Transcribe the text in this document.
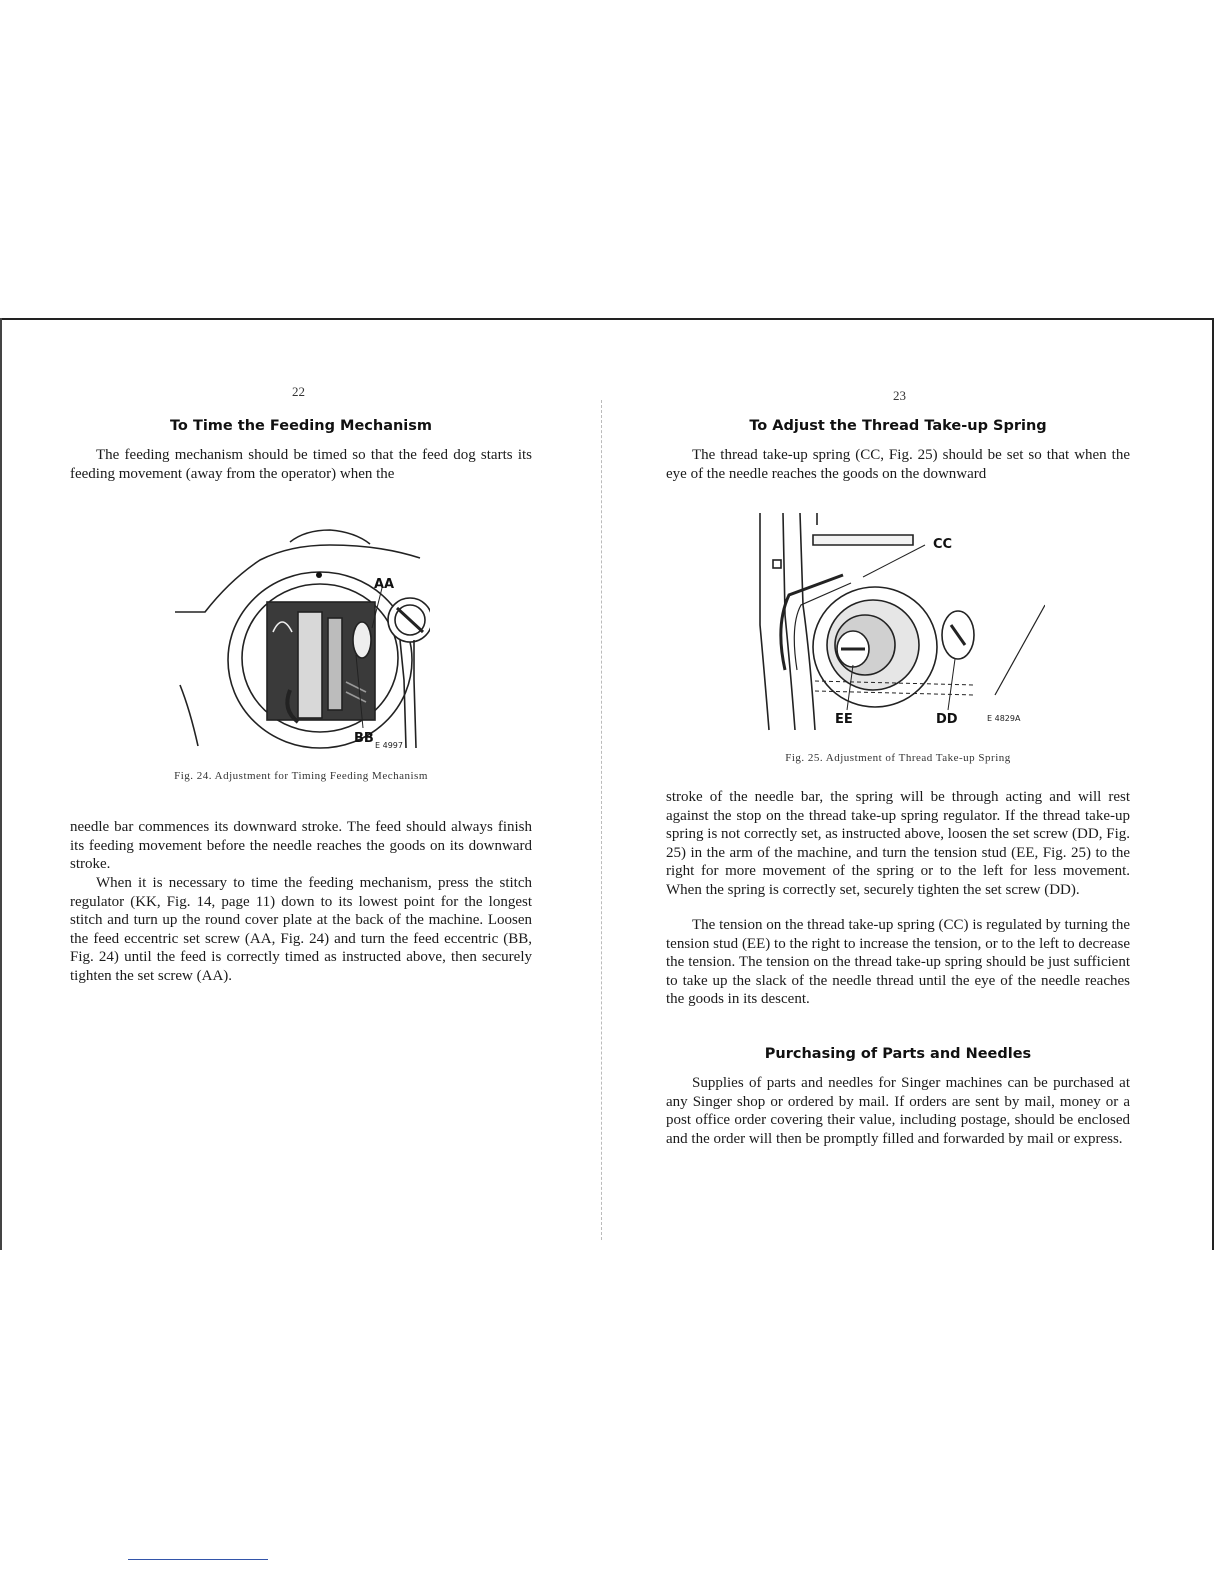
22
To Time the Feeding Mechanism
The feeding mechanism should be timed so that the feed dog starts its feeding movement (away from the operator) when the
AA
BB E 4997
Fig. 24. Adjustment for Timing Feeding Mechanism
needle bar commences its downward stroke. The feed should always finish its feeding movement before the needle reaches the goods on its downward stroke.
When it is necessary to time the feeding mechanism, press the stitch regulator (KK, Fig. 14, page 11) down to its lowest point for the longest stitch and turn up the round cover plate at the back of the machine. Loosen the feed eccentric set screw (AA, Fig. 24) and turn the feed eccentric (BB, Fig. 24) until the feed is correctly timed as instructed above, then securely tighten the set screw (AA).
23
To Adjust the Thread Take-up Spring
The thread take-up spring (CC, Fig. 25) should be set so that when the eye of the needle reaches the goods on the downward
CC
EE	DD	E 4829A
Fig. 25. Adjustment of Thread Take-up Spring
stroke of the needle bar, the spring will be through acting and will rest against the stop on the thread take-up spring regulator. If the thread take-up spring is not correctly set, as instructed above, loosen the set screw (DD, Fig. 25) in the arm of the machine, and turn the tension stud (EE, Fig. 25) to the right for more movement of the spring or to the left for less movement. When the spring is correctly set, securely tighten the set screw (DD).
The tension on the thread take-up spring (CC) is regulated by turning the tension stud (EE) to the right to increase the tension, or to the left to decrease the tension. The tension on the thread take-up spring should be just sufficient to take up the slack of the needle thread until the eye of the needle reaches the goods in its descent.
Purchasing of Parts and Needles
Supplies of parts and needles for Singer machines can be purchased at any Singer shop or ordered by mail. If orders are sent by mail, money or a post office order covering their value, including postage, should be enclosed and the order will then be promptly filled and forwarded by mail or express.
